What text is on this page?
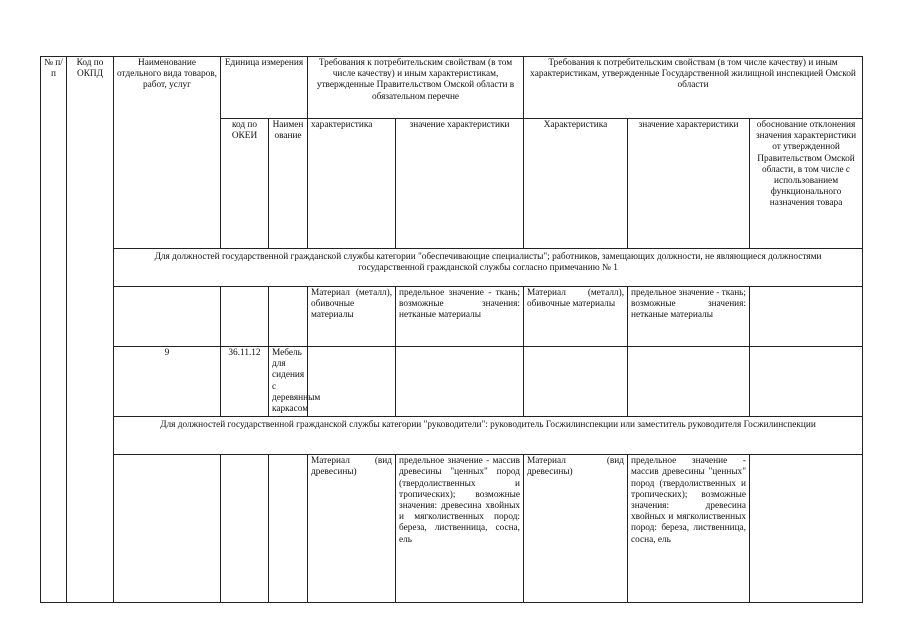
№ п/п	Код по ОКПД	Наименование отдельного вида товаров, работ, услуг	Единица измерения		Требования к потребительским свойствам (в том числе качеству) и иным характеристикам, утвержденные Правительством Омской области в обязательном перечне		Требования к потребительским свойствам (в том числе качеству) и иным характеристикам, утвержденные Государственной жилищной инспекцией Омской области			
			код по ОКЕИ	Наименование	характеристика	значение характеристики	Характеристика	значение характеристики	обоснование отклонения значения характеристики от утвержденной Правительством Омской области, в том числе с использованием функционального назначения товара	
		Для должностей государственной гражданской службы категории "обеспечивающие специалисты"; работников, замещающих должности, не являющиеся должностями государственной гражданской службы согласно примечанию № 1								
					Материал (металл), обивочные материалы	предельное значение - ткань; возможные значения: нетканые материалы	Материал (металл), обивочные материалы	предельное значение - ткань; возможные значения: нетканые материалы		
		9	36.11.12	Мебель для сидения с деревянным каркасом							
		Для должностей государственной гражданской службы категории "руководители": руководитель Госжилинспекции или заместитель руководителя Госжилинспекции								
					Материал (вид древесины)	предельное значение - массив древесины "ценных" пород (твердолиственных и тропических); возможные значения: древесина хвойных и мягколиственных пород: береза, лиственница, сосна, ель	Материал (вид древесины)	предельное значение - массив древесины "ценных" пород (твердолиственных и тропических); возможные значения: древесина хвойных и мягколиственных пород: береза, лиственница, сосна, ель		
